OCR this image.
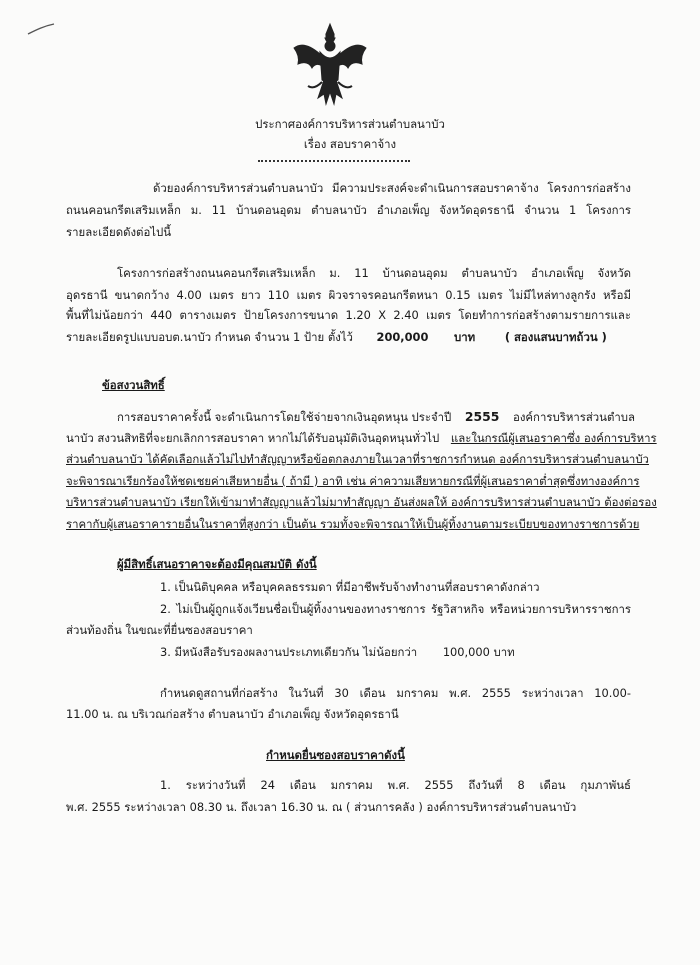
ประกาศองค์การบริหารส่วนตำบลนาบัว
เรื่อง สอบราคาจ้าง
ด้วยองค์การบริหารส่วนตำบลนาบัว มีความประสงค์จะดำเนินการสอบราคาจ้าง โครงการก่อสร้าง
ถนนคอนกรีตเสริมเหล็ก ม. 11 บ้านดอนอุดม ตำบลนาบัว อำเภอเพ็ญ จังหวัดอุดรธานี จำนวน 1 โครงการ
รายละเอียดดังต่อไปนี้
โครงการก่อสร้างถนนคอนกรีตเสริมเหล็ก ม. 11 บ้านดอนอุดม ตำบลนาบัว อำเภอเพ็ญ จังหวัด
อุดรธานี ขนาดกว้าง 4.00 เมตร ยาว 110 เมตร ผิวจราจรคอนกรีตหนา 0.15 เมตร ไม่มีไหล่ทางลูกรัง หรือมี
พื้นที่ไม่น้อยกว่า 440 ตารางเมตร ป้ายโครงการขนาด 1.20 X 2.40 เมตร โดยทำการก่อสร้างตามรายการและ
รายละเอียดรูปแบบอบต.นาบัว กำหนด จำนวน 1 ป้าย ตั้งไว้ 200,000 บาท	( สองแสนบาทถ้วน )
ข้อสงวนสิทธิ์
การสอบราคาครั้งนี้ จะดำเนินการโดยใช้จ่ายจากเงินอุดหนุน ประจำปี 2555 องค์การบริหารส่วนตำบล
นาบัว สงวนสิทธิที่จะยกเลิกการสอบราคา หากไม่ได้รับอนุมัติเงินอุดหนุนทั่วไป และในกรณีผู้เสนอราคาซึ่ง องค์การบริหาร
ส่วนตำบลนาบัว ได้คัดเลือกแล้วไม่ไปทำสัญญาหรือข้อตกลงภายในเวลาที่ราชการกำหนด องค์การบริหารส่วนตำบลนาบัว
จะพิจารณาเรียกร้องให้ชดเชยค่าเสียหายอื่น ( ถ้ามี ) อาทิ เช่น ค่าความเสียหายกรณีที่ผู้เสนอราคาต่ำสุดซึ่งทางองค์การ
บริหารส่วนตำบลนาบัว เรียกให้เข้ามาทำสัญญาแล้วไม่มาทำสัญญา อันส่งผลให้ องค์การบริหารส่วนตำบลนาบัว ต้องต่อรอง
ราคากับผู้เสนอราคารายอื่นในราคาที่สูงกว่า เป็นต้น รวมทั้งจะพิจารณาให้เป็นผู้ทิ้งงานตามระเบียบของทางราชการด้วย
ผู้มีสิทธิ์เสนอราคาจะต้องมีคุณสมบัติ ดังนี้
1. เป็นนิติบุคคล หรือบุคคลธรรมดา ที่มีอาชีพรับจ้างทำงานที่สอบราคาดังกล่าว
2. ไม่เป็นผู้ถูกแจ้งเวียนชื่อเป็นผู้ทิ้งงานของทางราชการ รัฐวิสาหกิจ หรือหน่วยการบริหารราชการ
ส่วนท้องถิ่น ในขณะที่ยื่นซองสอบราคา
3. มีหนังสือรับรองผลงานประเภทเดียวกัน ไม่น้อยกว่า 100,000 บาท
กำหนดดูสถานที่ก่อสร้าง ในวันที่ 30 เดือน มกราคม พ.ศ. 2555 ระหว่างเวลา 10.00-
11.00 น. ณ บริเวณก่อสร้าง ตำบลนาบัว อำเภอเพ็ญ จังหวัดอุดรธานี
กำหนดยื่นซองสอบราคาดังนี้
1. ระหว่างวันที่ 24 เดือน มกราคม พ.ศ. 2555 ถึงวันที่ 8 เดือน กุมภาพันธ์
พ.ศ. 2555 ระหว่างเวลา 08.30 น. ถึงเวลา 16.30 น. ณ ( ส่วนการคลัง ) องค์การบริหารส่วนตำบลนาบัว
